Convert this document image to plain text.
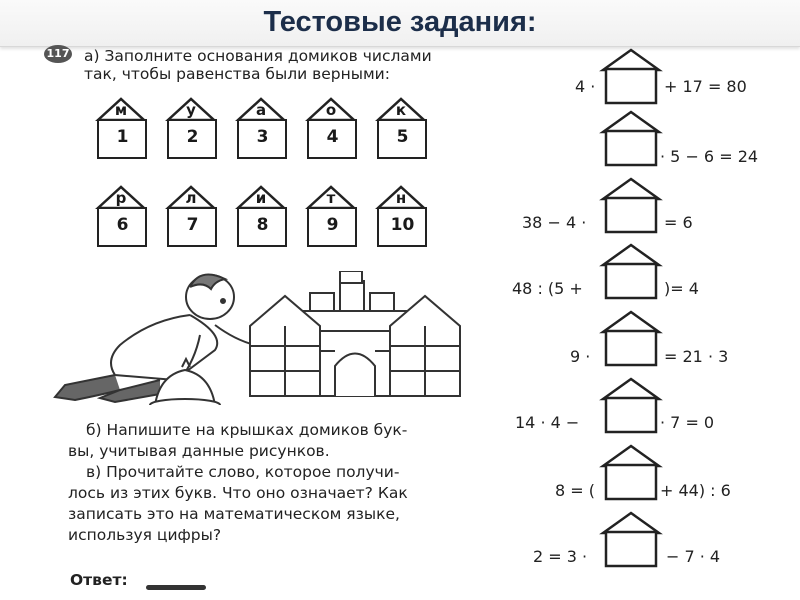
Тестовые задания:
117 а) Заполните основания домиков числами
так, чтобы равенства были верными:
м
1
у
2
а
3
о
4
к
5
р
6
л
7
и
8
т
9
н
10
б) Напишите на крышках домиков бук-
вы, учитывая данные рисунков.
в) Прочитайте слово, которое получи-
лось из этих букв. Что оно означает? Как
записать это на математическом языке,
используя цифры?
Ответ:
4 ·	+ 17 = 80
· 5 − 6 = 24
38 − 4 ·	= 6
48 : (5 +	)= 4
9 ·	= 21 · 3
14 · 4 −	· 7 = 0
8 = (	+ 44) : 6
2 = 3 ·	− 7 · 4
